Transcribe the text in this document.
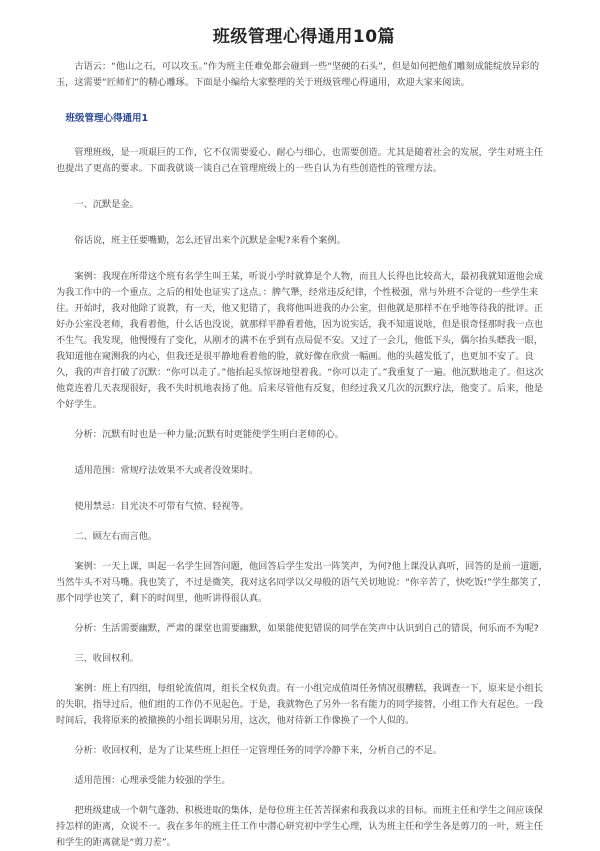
班级管理心得通用10篇

古语云：“他山之石，可以攻玉。”作为班主任难免都会碰到一些“坚硬的石头”，但是如何把他们雕刻成能绽放异彩的玉，这需要“匠师们”的精心雕琢。下面是小编给大家整理的关于班级管理心得通用，欢迎大家来阅读。

班级管理心得通用1

管理班级，是一项艰巨的工作，它不仅需要爱心、耐心与细心，也需要创造。尤其是随着社会的发展，学生对班主任也提出了更高的要求。下面我就谈一谈自己在管理班级上的一些自认为有些创造性的管理方法。

一、沉默是金。

俗话说，班主任要嘴勤，怎么还冒出来个沉默是金呢?来看个案例。

案例：我现在所带这个班有名学生叫王某，听说小学时就算是个人物，而且人长得也比较高大，最初我就知道他会成为我工作中的一个重点。之后的相处也证实了这点。：脾气犟，经常违反纪律，个性极强，常与外班不合觉的一些学生来往。开始时，我对他除了说教，有一天，他又犯错了，我将他叫进我的办公室，但他就是那样不在乎地等待我的批评。正好办公室没老师，我看着他，什么话也没说，就那样平静看着他，因为说实话，我不知道说啥，但是很奇怪那时我一点也不生气。我发现，他慢慢有了变化，从刚才的满不在乎到有点局促不安。又过了一会儿，他低下头，偶尔抬头瞟我一眼，我知道他在窥测我的内心，但我还是很平静地看着他的脸，就好像在欣赏一幅画。他的头越发低了，也更加不安了。良久，我的声音打破了沉默：“你可以走了。”他抬起头惊讶地望着我。“你可以走了。”我重复了一遍。他沉默地走了。但这次他竟连着几天表现很好，我不失时机地表扬了他。后来尽管他有反复，但经过我又几次的沉默疗法，他变了。后来，他是个好学生。

分析：沉默有时也是一种力量;沉默有时更能使学生明白老师的心。

适用范围：常规疗法效果不大或者没效果时。

使用禁忌：目光决不可带有气愤、轻视等。

二、顾左右而言他。

案例：一天上课，叫起一名学生回答问题，他回答后学生发出一阵笑声，为何?他上课没认真听，回答的是前一道题，当然牛头不对马嘴。我也笑了，不过是微笑，我对这名同学以父母般的语气关切地说：“你辛苦了，快吃饭!”学生都笑了，那个同学也笑了，剩下的时间里，他听讲得很认真。

分析：生活需要幽默，严肃的课堂也需要幽默，如果能使犯错误的同学在笑声中认识到自己的错误，何乐而不为呢?

三、收回权利。

案例：班上有四组，每组轮流值周，组长全权负责。有一小组完成值周任务情况很糟糕，我调查一下，原来是小组长的失职，指导过后，他们组的工作仍不见起色。于是，我就物色了另外一名有能力的同学接替，小组工作大有起色。一段时间后，我将原来的被撤换的小组长调职另用，这次，他对待新工作像换了一个人似的。

分析：收回权利，是为了让某些班上担任一定管理任务的同学冷静下来，分析自己的不足。

适用范围：心理承受能力较强的学生。

把班级建成一个朝气蓬勃、积极进取的集体，是每位班主任苦苦探索和我我以求的目标。而班主任和学生之间应该保持怎样的距离，众说不一。我在多年的班主任工作中潜心研究初中学生心理，认为班主任和学生各是剪刀的一叶，班主任和学生的距离就是“剪刀差”。
